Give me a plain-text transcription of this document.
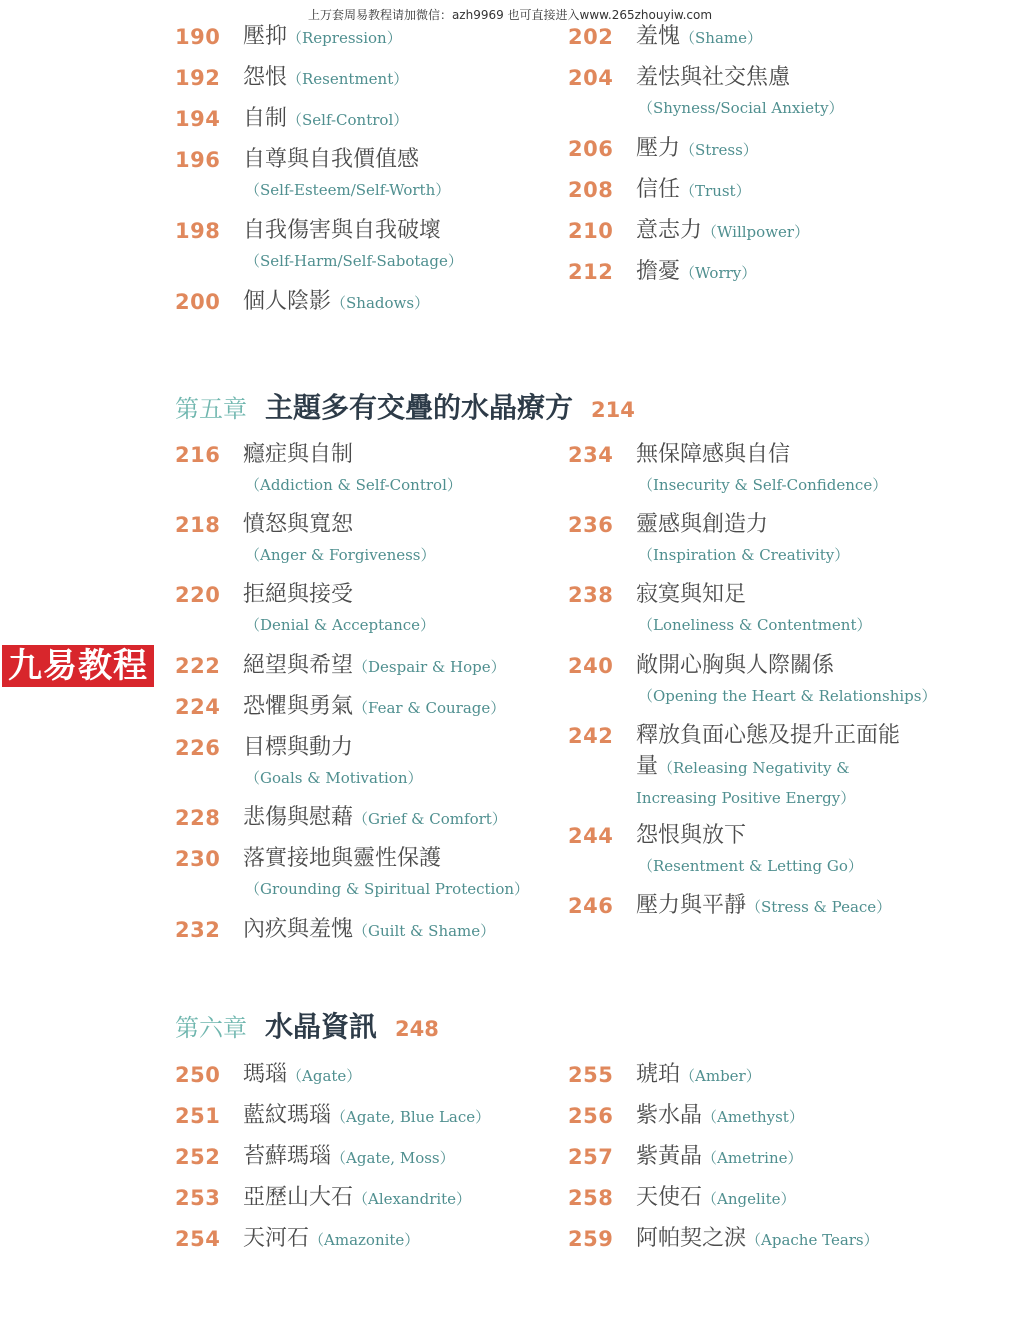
上万套周易教程请加微信：azh9969 也可直接进入www.265zhouyiw.com
190 壓抑（Repression）
192 怨恨（Resentment）
194 自制（Self-Control）
196 自尊與自我價值感
（Self-Esteem/Self-Worth）
198 自我傷害與自我破壞
（Self-Harm/Self-Sabotage）
200 個人陰影（Shadows）
202 羞愧（Shame）
204 羞怯與社交焦慮
（Shyness/Social Anxiety）
206 壓力（Stress）
208 信任（Trust）
210 意志力（Willpower）
212 擔憂（Worry）
216 癮症與自制
（Addiction & Self-Control）
218 憤怒與寬恕
（Anger & Forgiveness）
220 拒絕與接受
（Denial & Acceptance）
222 絕望與希望（Despair & Hope）
224 恐懼與勇氣（Fear & Courage）
226 目標與動力
（Goals & Motivation）
228 悲傷與慰藉（Grief & Comfort）
230 落實接地與靈性保護
（Grounding & Spiritual Protection）
232 內疚與羞愧（Guilt & Shame）
234 無保障感與自信
（Insecurity & Self-Confidence）
236 靈感與創造力
（Inspiration & Creativity）
238 寂寞與知足
（Loneliness & Contentment）
240 敞開心胸與人際關係
（Opening the Heart & Relationships）
242 釋放負面心態及提升正面能量（Releasing Negativity & Increasing Positive Energy）
244 怨恨與放下
（Resentment & Letting Go）
246 壓力與平靜（Stress & Peace）
250 瑪瑙（Agate）
251 藍紋瑪瑙（Agate, Blue Lace）
252 苔蘚瑪瑙（Agate, Moss）
253 亞歷山大石（Alexandrite）
254 天河石（Amazonite）
255 琥珀（Amber）
256 紫水晶（Amethyst）
257 紫黃晶（Ametrine）
258 天使石（Angelite）
259 阿帕契之淚（Apache Tears）
第五章 主題多有交疊的水晶療方 214
第六章 水晶資訊 248
九易教程
